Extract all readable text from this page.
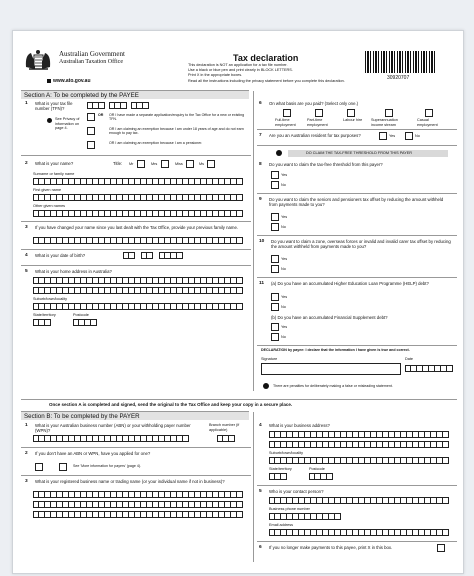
Australian Government
Australian Taxation Office
www.ato.gov.au
Tax declaration
This declaration is NOT an application for a tax file number.
Use a black or blue pen and print clearly in BLOCK LETTERS.
Print X in the appropriate boxes.
Read all the instructions including the privacy statement before you complete this declaration.	30920707
Section A: To be completed by the PAYEE
1 What is your tax file number (TFN)?
See Privacy of information on page 4.
OR	OR I have made a separate application/enquiry to the Tax Office for a new or existing TFN.
OR I am claiming an exemption because I am under 18 years of age and do not earn enough to pay tax.
OR I am claiming an exemption because I am a pensioner.
2 What is your name?	Title: Mr	Mrs	Miss	Ms
Surname or family name
First given name
Other given names
3 If you have changed your name since you last dealt with the Tax Office, provide your previous family name.
4 What is your date of birth?
5 What is your home address in Australia?
Suburb/town/locality
State/territory	Postcode
6 On what basis are you paid? (Select only one.)
Full-time employment
Part-time employment
Labour hire Superannuation income stream
Casual employment
7 Are you an Australian resident for tax purposes?	Yes	No
DO CLAIM THE TAX-FREE THRESHOLD FROM THIS PAYER
8 Do you want to claim the tax-free threshold from this payer?
Yes
No
9 Do you want to claim the seniors and pensioners tax offset by reducing the amount withheld from payments made to you?
Yes
No
10 Do you want to claim a zone, overseas forces or invalid and invalid carer tax offset by reducing the amount withheld from payments made to you?
Yes
No
11 (a) Do you have an accumulated Higher Education Loan Programme (HELP) debt?
Yes
No
(b) Do you have an accumulated Financial Supplement debt?
Yes
No
DECLARATION by payee: I declare that the information I have given is true and correct.
Signature	Date
There are penalties for deliberately making a false or misleading statement.
Once section A is completed and signed, send the original to the Tax Office and keep your copy in a secure place.
Section B: To be completed by the PAYER
1 What is your Australian business number (ABN) or your withholding payer number (WPN)?
Branch number (if applicable)
2 If you don't have an ABN or WPN, have you applied for one?
See 'More information for payers' (page 4).
3 What is your registered business name or trading name (or your individual name if not in business)?
4 What is your business address?
Suburb/town/locality
State/territory	Postcode
5 Who is your contact person?
Business phone number
Email address
6 If you no longer make payments to this payee, print X in this box.
